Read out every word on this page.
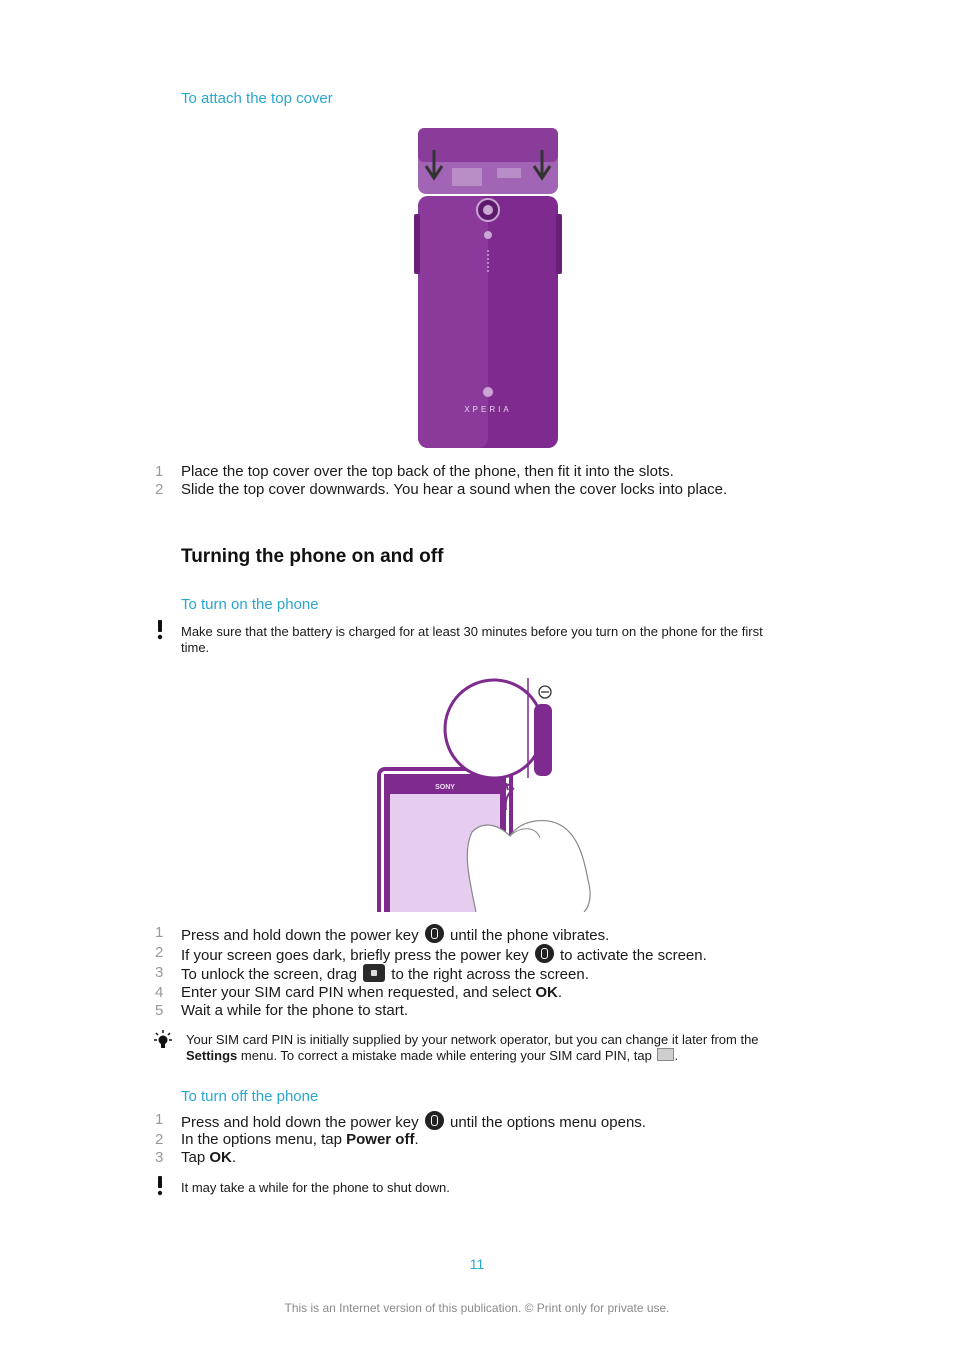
To attach the top cover
XPERIA
1	Place the top cover over the top back of the phone, then fit it into the slots.
2	Slide the top cover downwards. You hear a sound when the cover locks into place.
Turning the phone on and off
To turn on the phone
Make sure that the battery is charged for at least 30 minutes before you turn on the phone for the first time.
SONY
1	Press and hold down the power key until the phone vibrates.
2	If your screen goes dark, briefly press the power key to activate the screen.
3	To unlock the screen, drag to the right across the screen.
4	Enter your SIM card PIN when requested, and select OK.
5	Wait a while for the phone to start.
Your SIM card PIN is initially supplied by your network operator, but you can change it later from the Settings menu. To correct a mistake made while entering your SIM card PIN, tap .
To turn off the phone
1	Press and hold down the power key until the options menu opens.
2	In the options menu, tap Power off.
3	Tap OK.
It may take a while for the phone to shut down.
11
This is an Internet version of this publication. © Print only for private use.
